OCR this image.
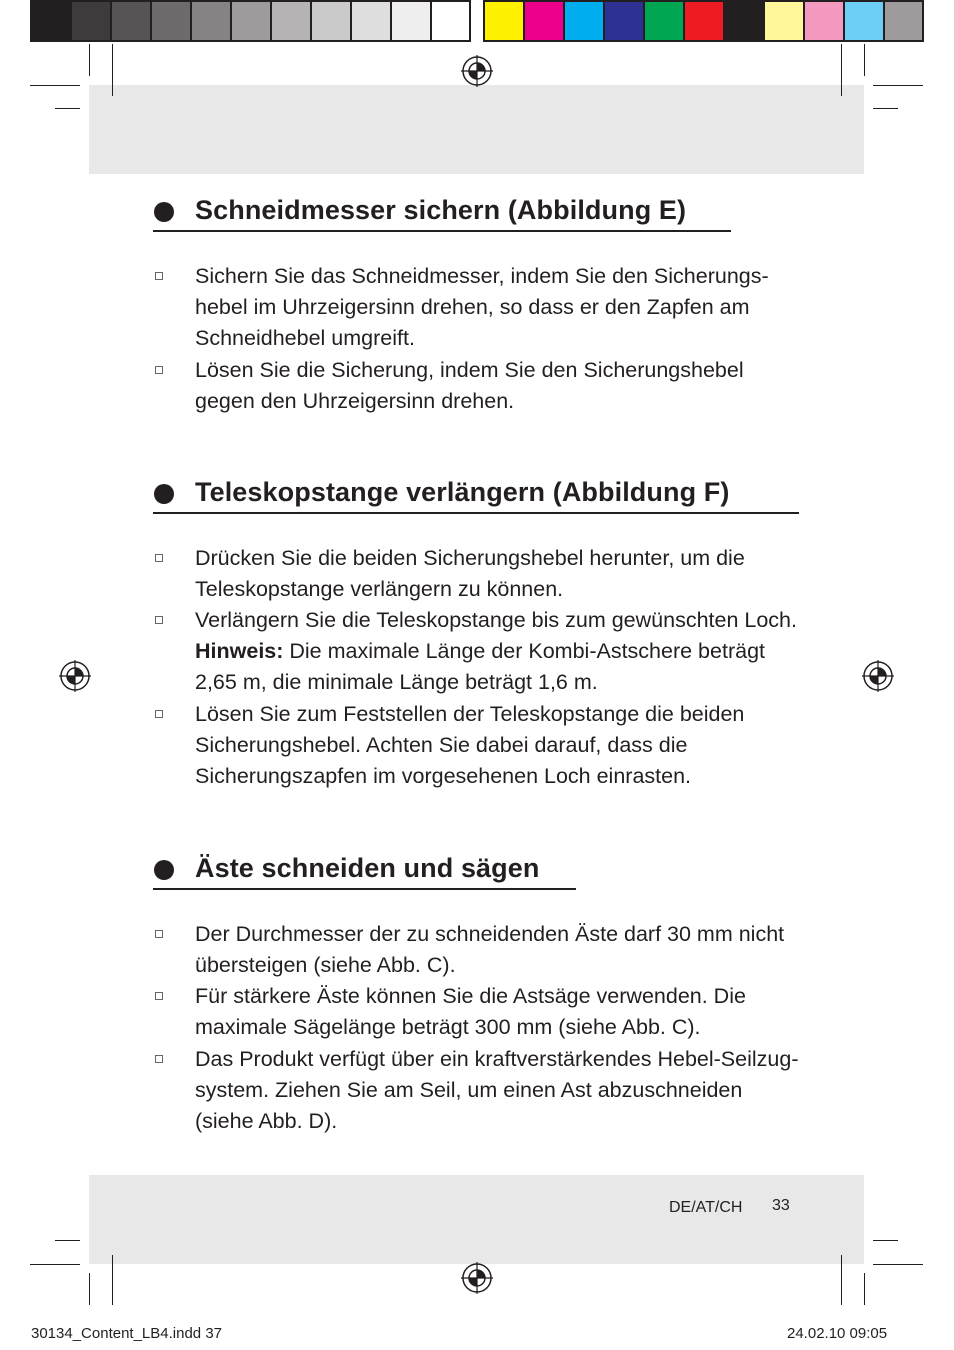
Schneidmesser sichern (Abbildung E)
Sichern Sie das Schneidmesser, indem Sie den Sicherungs-
hebel im Uhrzeigersinn drehen, so dass er den Zapfen am
Schneidhebel umgreift.
Lösen Sie die Sicherung, indem Sie den Sicherungshebel
gegen den Uhrzeigersinn drehen.
Teleskopstange verlängern (Abbildung F)
Drücken Sie die beiden Sicherungshebel herunter, um die
Teleskopstange verlängern zu können.
Verlängern Sie die Teleskopstange bis zum gewünschten Loch.
Hinweis: Die maximale Länge der Kombi-Astschere beträgt
2,65 m, die minimale Länge beträgt 1,6 m.
Lösen Sie zum Feststellen der Teleskopstange die beiden
Sicherungshebel. Achten Sie dabei darauf, dass die
Sicherungszapfen im vorgesehenen Loch einrasten.
Äste schneiden und sägen
Der Durchmesser der zu schneidenden Äste darf 30 mm nicht
übersteigen (siehe Abb. C).
Für stärkere Äste können Sie die Astsäge verwenden. Die
maximale Sägelänge beträgt 300 mm (siehe Abb. C).
Das Produkt verfügt über ein kraftverstärkendes Hebel-Seilzug-
system. Ziehen Sie am Seil, um einen Ast abzuschneiden
(siehe Abb. D).
DE/AT/CH 33
30134_Content_LB4.indd 37	24.02.10 09:05
